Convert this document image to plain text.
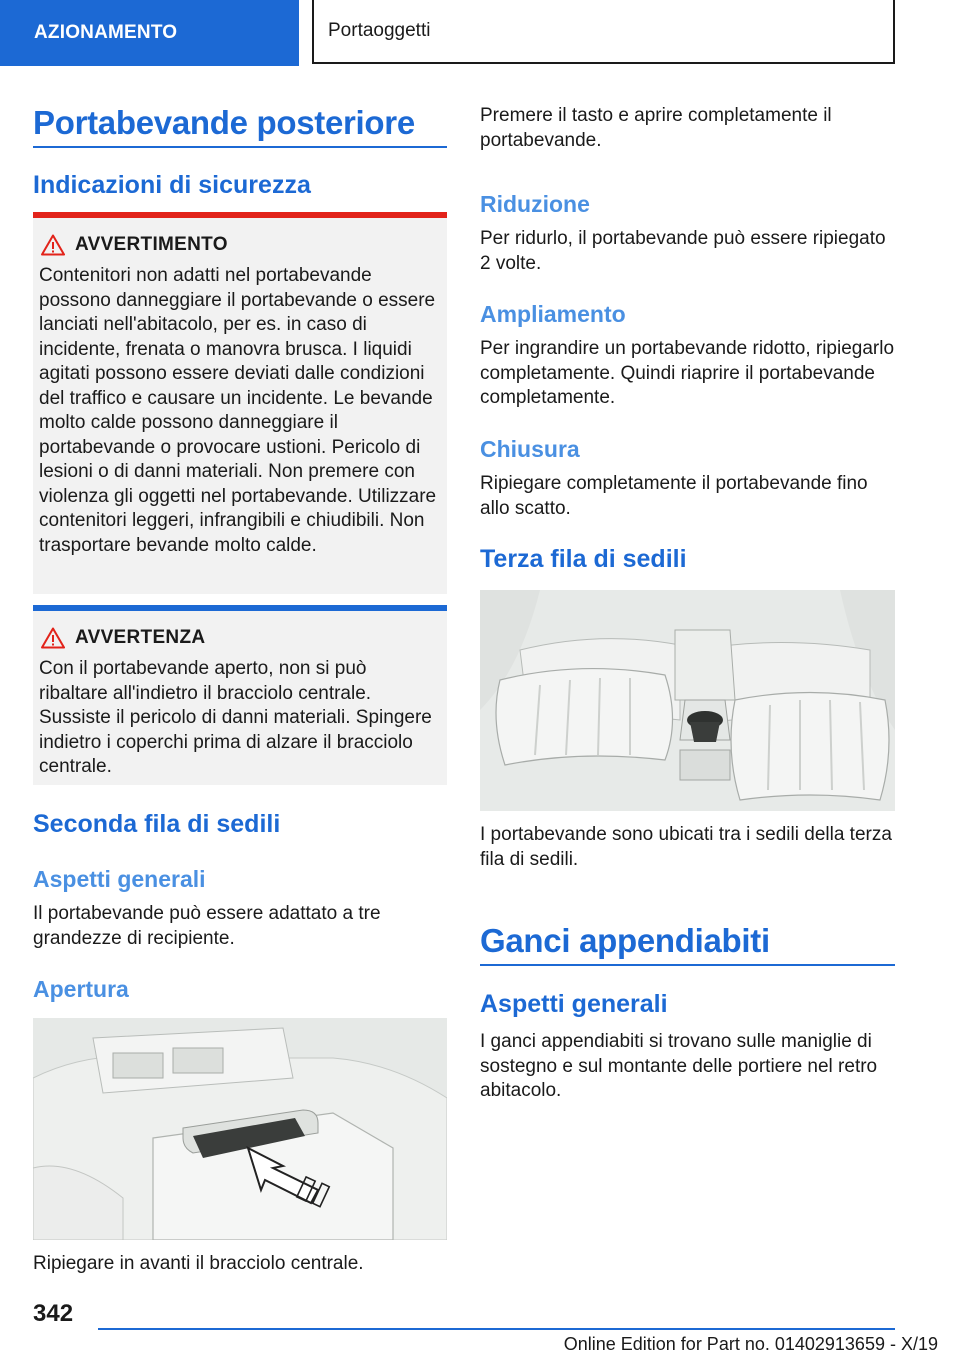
AZIONAMENTO	Portaoggetti
Portabevande posteriore
Indicazioni di sicurezza
AVVERTIMENTO
Contenitori non adatti nel portabevande possono danneggiare il portabevande o essere lanciati nell'abitacolo, per es. in caso di incidente, frenata o manovra brusca. I liquidi agitati possono essere deviati dalle condizioni del traffico e causare un incidente. Le bevande molto calde possono danneggiare il portabevande o provocare ustioni. Pericolo di lesioni o di danni materiali. Non premere con violenza gli oggetti nel portabevande. Utilizzare contenitori leggeri, infrangibili e chiudibili. Non trasportare bevande molto calde.
AVVERTENZA
Con il portabevande aperto, non si può ribaltare all'indietro il bracciolo centrale. Sussiste il pericolo di danni materiali. Spingere indietro i coperchi prima di alzare il bracciolo centrale.
Seconda fila di sedili
Aspetti generali
Il portabevande può essere adattato a tre grandezze di recipiente.
Apertura
Ripiegare in avanti il bracciolo centrale.
Premere il tasto e aprire completamente il portabevande.
Riduzione
Per ridurlo, il portabevande può essere ripiegato 2 volte.
Ampliamento
Per ingrandire un portabevande ridotto, ripiegarlo completamente. Quindi riaprire il portabevande completamente.
Chiusura
Ripiegare completamente il portabevande fino allo scatto.
Terza fila di sedili
I portabevande sono ubicati tra i sedili della terza fila di sedili.
Ganci appendiabiti
Aspetti generali
I ganci appendiabiti si trovano sulle maniglie di sostegno e sul montante delle portiere nel retro abitacolo.
342
Online Edition for Part no. 01402913659 - X/19
